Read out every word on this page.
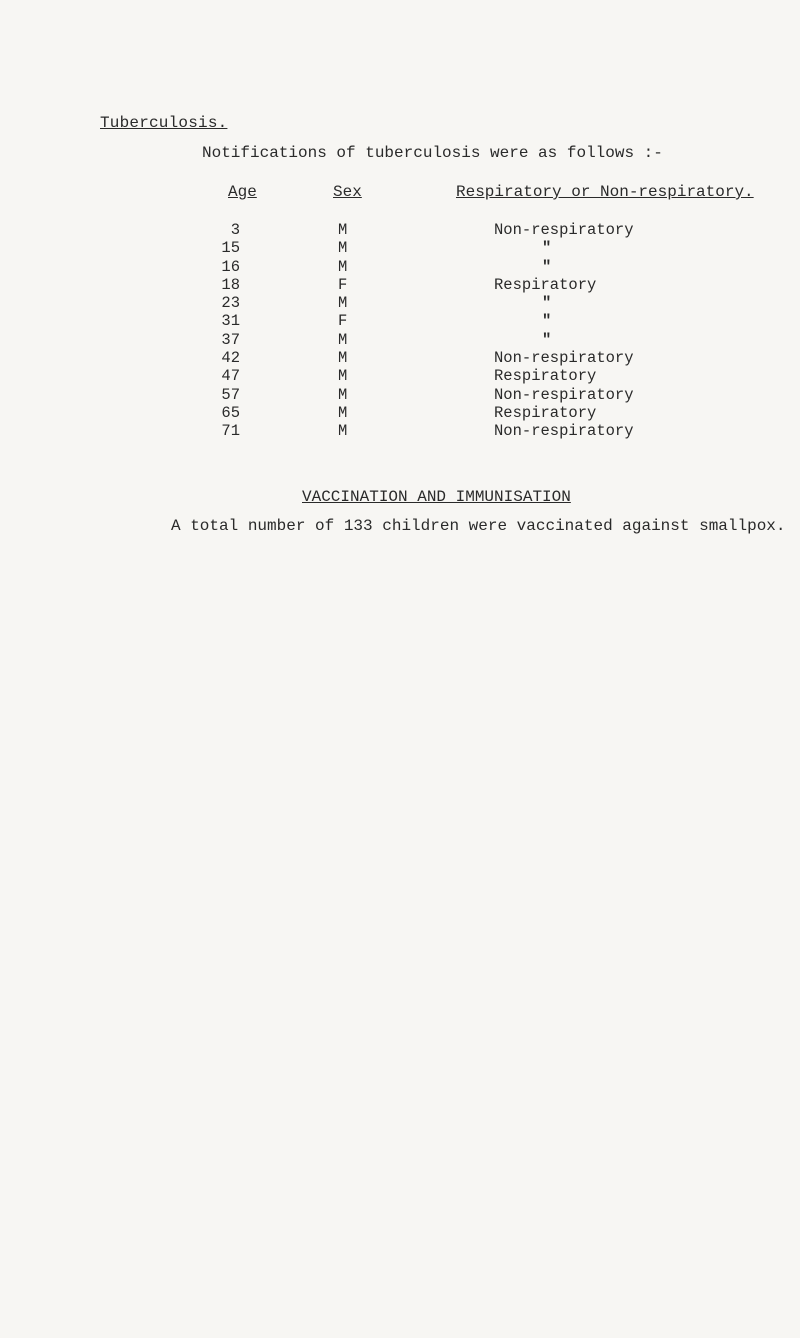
Tuberculosis.
Notifications of tuberculosis were as follows :-
Age	Sex	Respiratory or Non-respiratory.
3	M	Non-respiratory
15	M	"
16	M	"
18	F	Respiratory
23	M	"
31	F	"
37	M	"
42	M	Non-respiratory
47	M	Respiratory
57	M	Non-respiratory
65	M	Respiratory
71	M	Non-respiratory
VACCINATION AND IMMUNISATION
A total number of 133 children were vaccinated against smallpox.
